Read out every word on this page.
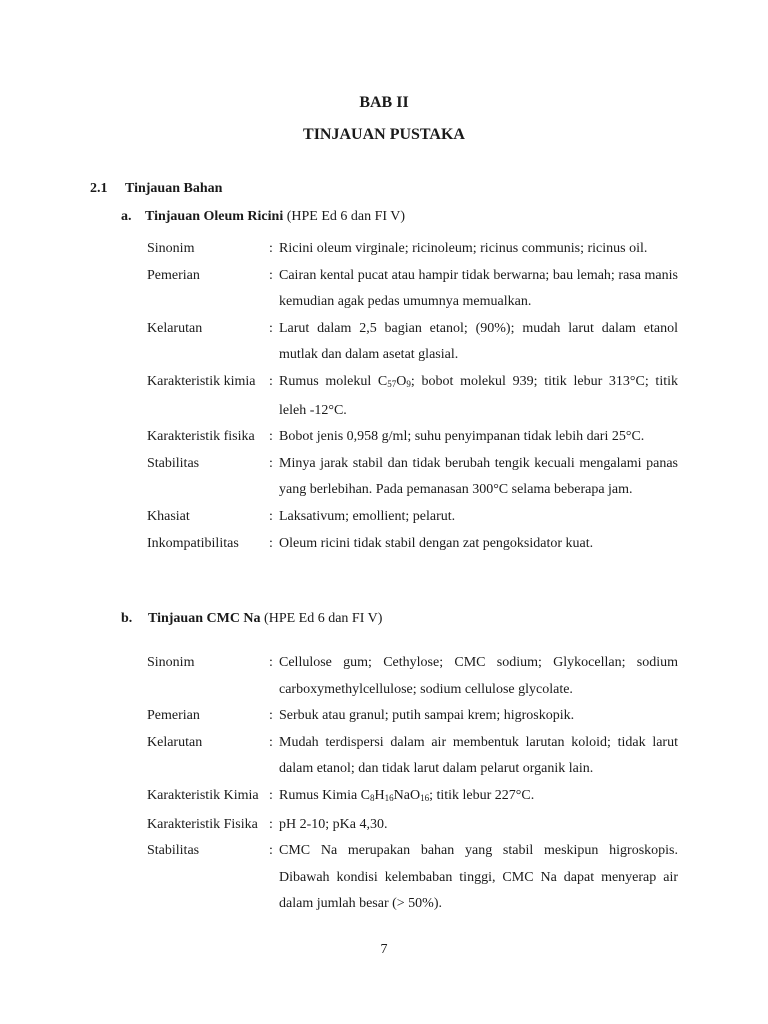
BAB II
TINJAUAN PUSTAKA
2.1 Tinjauan Bahan
a. Tinjauan Oleum Ricini (HPE Ed 6 dan FI V)
Sinonim	: Ricini oleum virginale; ricinoleum; ricinus communis; ricinus oil.
Pemerian	: Cairan kental pucat atau hampir tidak berwarna; bau lemah; rasa manis kemudian agak pedas umumnya memualkan.
Kelarutan	: Larut dalam 2,5 bagian etanol; (90%); mudah larut dalam etanol mutlak dan dalam asetat glasial.
Karakteristik kimia : Rumus molekul $C_{57}O_9$; bobot molekul 939; titik lebur 313°C; titik leleh -12°C.
Karakteristik fisika	: Bobot jenis 0,958 g/ml; suhu penyimpanan tidak lebih dari 25°C.
Stabilitas	: Minya jarak stabil dan tidak berubah tengik kecuali mengalami panas yang berlebihan. Pada pemanasan 300°C selama beberapa jam.
Khasiat	: Laksativum; emollient; pelarut.
Inkompatibilitas	: Oleum ricini tidak stabil dengan zat pengoksidator kuat.
b. Tinjauan CMC Na (HPE Ed 6 dan FI V)
Sinonim	: Cellulose gum; Cethylose; CMC sodium; Glykocellan; sodium carboxymethylcellulose; sodium cellulose glycolate.
Pemerian	: Serbuk atau granul; putih sampai krem; higroskopik.
Kelarutan	: Mudah terdispersi dalam air membentuk larutan koloid; tidak larut dalam etanol; dan tidak larut dalam pelarut organik lain.
Karakteristik Kimia : Rumus Kimia $C_8H_{16}NaO_{16}$; titik lebur 227°C.
Karakteristik Fisika : pH 2-10; pKa 4,30.
Stabilitas	: CMC Na merupakan bahan yang stabil meskipun higroskopis. Dibawah kondisi kelembaban tinggi, CMC Na dapat menyerap air dalam jumlah besar (> 50%).
7
